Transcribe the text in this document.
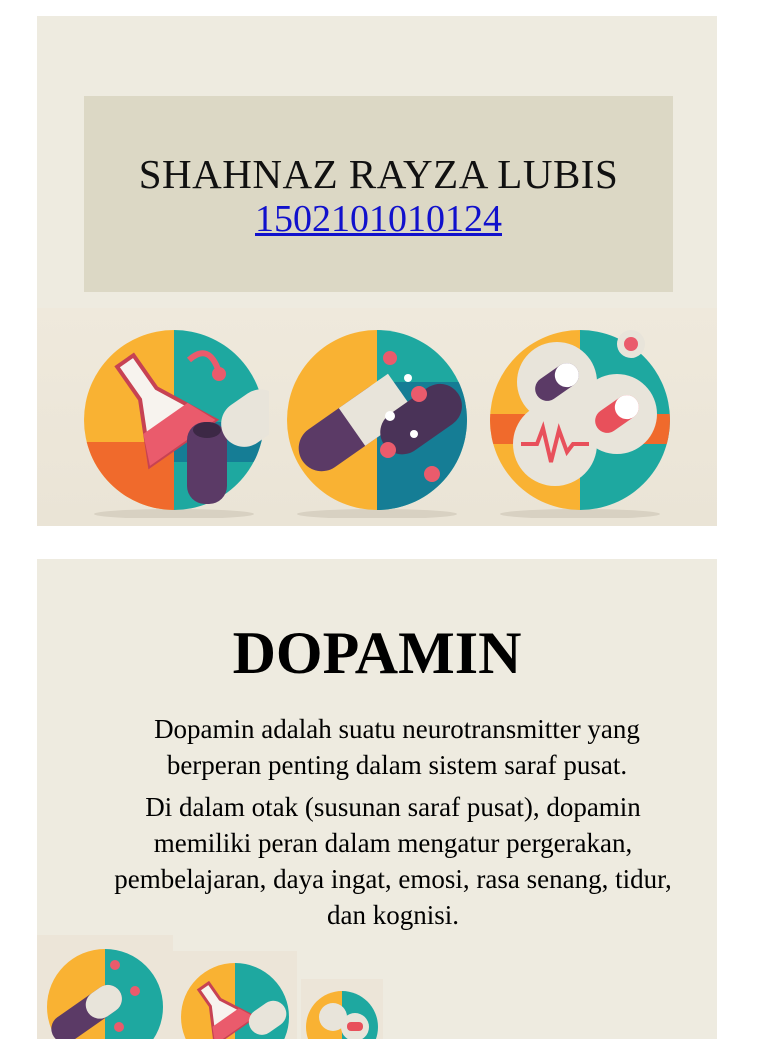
SHAHNAZ RAYZA LUBIS
1502101010124
DOPAMIN
Dopamin adalah suatu neurotransmitter yang berperan penting dalam sistem saraf pusat.
Di dalam otak (susunan saraf pusat), dopamin memiliki peran dalam mengatur pergerakan, pembelajaran, daya ingat, emosi, rasa senang, tidur, dan kognisi.
